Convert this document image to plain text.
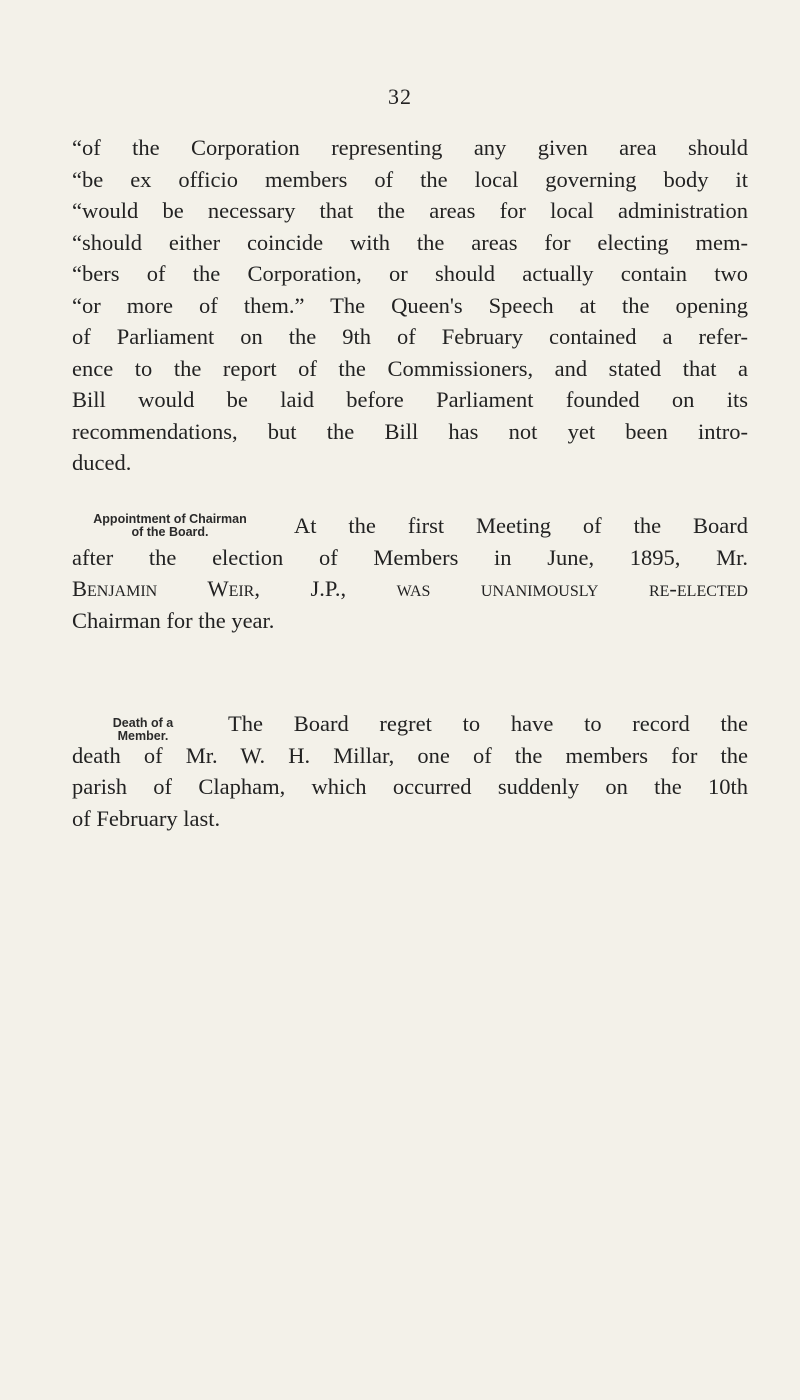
32
“of the Corporation representing any given area should
“be ex officio members of the local governing body it
“would be necessary that the areas for local administration
“should either coincide with the areas for electing mem-
“bers of the Corporation, or should actually contain two
“or more of them.” The Queen's Speech at the opening
of Parliament on the 9th of February contained a refer-
ence to the report of the Commissioners, and stated that a
Bill would be laid before Parliament founded on its
recommendations, but the Bill has not yet been intro-
duced.
Appointment of Chairman
of the Board.	At the first Meeting of the Board
after the election of Members in June, 1895, Mr.
Benjamin Weir, J.P., was unanimously re-elected
Chairman for the year.
Death of a
Member.	The Board regret to have to record the
death of Mr. W. H. Millar, one of the members for the
parish of Clapham, which occurred suddenly on the 10th
of February last.
